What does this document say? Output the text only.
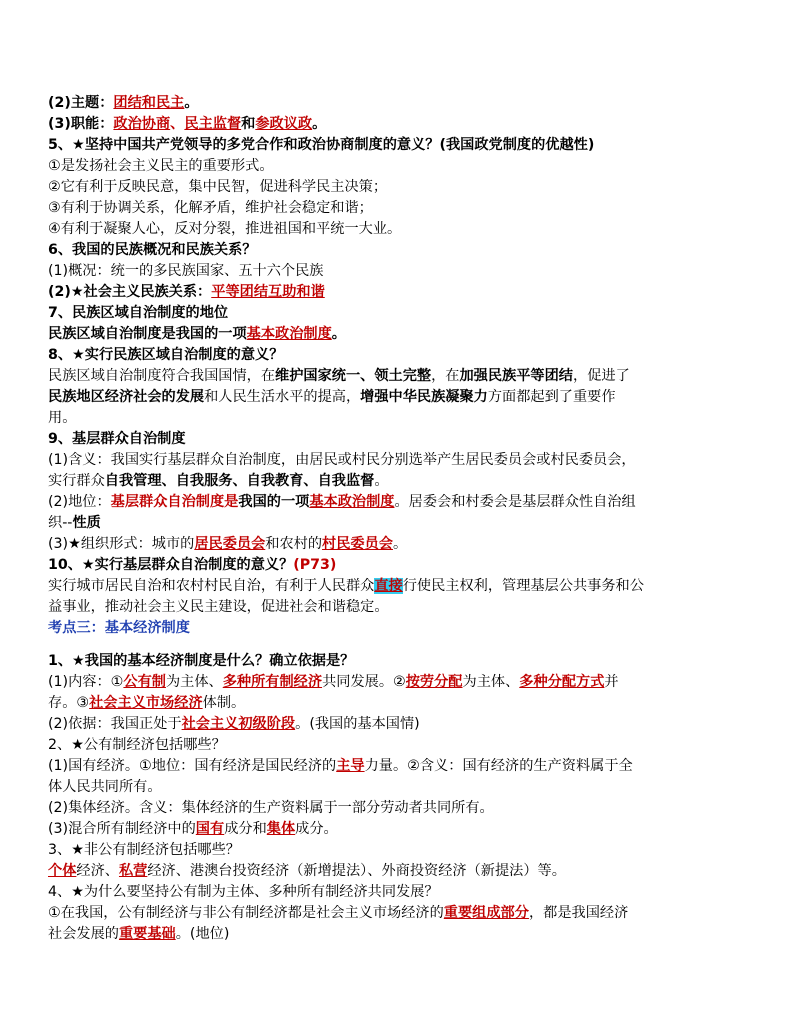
(2)主题：团结和民主。
(3)职能：政治协商、民主监督和参政议政。
5、★坚持中国共产党领导的多党合作和政治协商制度的意义？(我国政党制度的优越性)
①是发扬社会主义民主的重要形式。
②它有利于反映民意，集中民智，促进科学民主决策；
③有利于协调关系，化解矛盾，维护社会稳定和谐；
④有利于凝聚人心，反对分裂，推进祖国和平统一大业。
6、我国的民族概况和民族关系？
(1)概况：统一的多民族国家、五十六个民族
(2)★社会主义民族关系：平等团结互助和谐
7、民族区域自治制度的地位
民族区域自治制度是我国的一项基本政治制度。
8、★实行民族区域自治制度的意义？
民族区域自治制度符合我国国情，在维护国家统一、领土完整，在加强民族平等团结，促进了
民族地区经济社会的发展和人民生活水平的提高，增强中华民族凝聚力方面都起到了重要作
用。
9、基层群众自治制度
(1)含义：我国实行基层群众自治制度，由居民或村民分别选举产生居民委员会或村民委员会，
实行群众自我管理、自我服务、自我教育、自我监督。
(2)地位：基层群众自治制度是我国的一项基本政治制度。居委会和村委会是基层群众性自治组
织--性质
(3)★组织形式：城市的居民委员会和农村的村民委员会。
10、★实行基层群众自治制度的意义？(P73)
实行城市居民自治和农村村民自治，有利于人民群众直接行使民主权利，管理基层公共事务和公
益事业，推动社会主义民主建设，促进社会和谐稳定。
考点三：基本经济制度
1、★我国的基本经济制度是什么？确立依据是？
(1)内容：①公有制为主体、多种所有制经济共同发展。②按劳分配为主体、多种分配方式并
存。③社会主义市场经济体制。
(2)依据：我国正处于社会主义初级阶段。(我国的基本国情)
2、★公有制经济包括哪些？
(1)国有经济。①地位：国有经济是国民经济的主导力量。②含义：国有经济的生产资料属于全
体人民共同所有。
(2)集体经济。含义：集体经济的生产资料属于一部分劳动者共同所有。
(3)混合所有制经济中的国有成分和集体成分。
3、★非公有制经济包括哪些？
个体经济、私营经济、港澳台投资经济（新增提法）、外商投资经济（新提法）等。
4、★为什么要坚持公有制为主体、多种所有制经济共同发展？
①在我国，公有制经济与非公有制经济都是社会主义市场经济的重要组成部分，都是我国经济
社会发展的重要基础。(地位)
